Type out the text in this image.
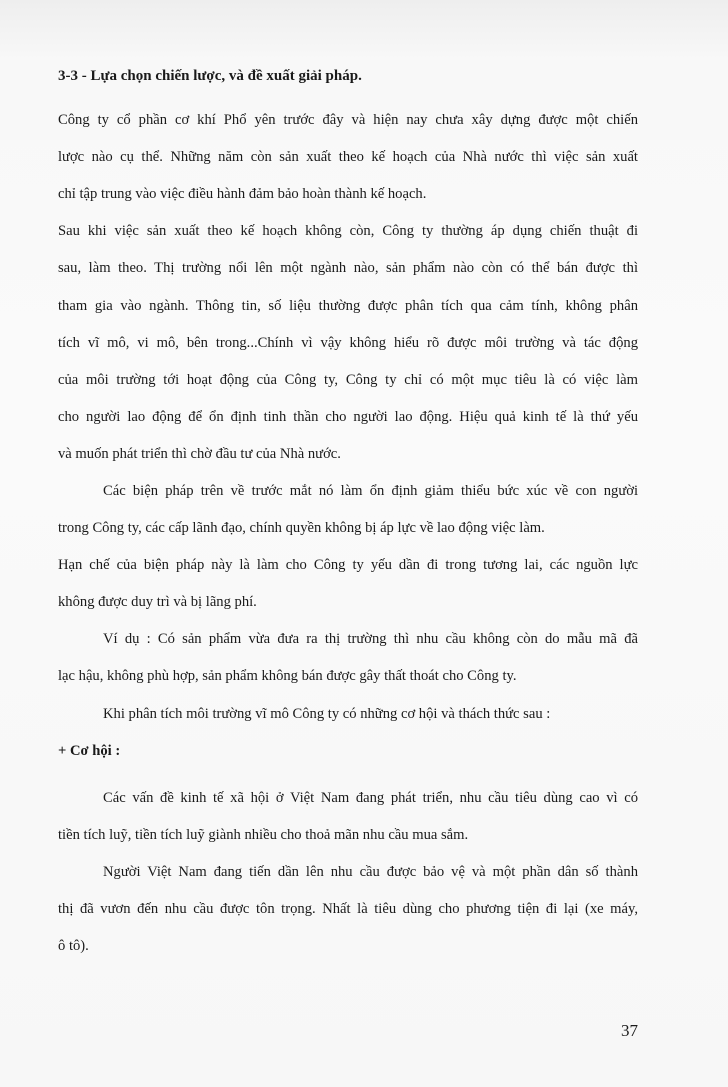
3-3 - Lựa chọn chiến lược, và đề xuất giải pháp.
Công ty cổ phần cơ khí Phổ yên trước đây và hiện nay chưa xây dựng được một chiến
lược nào cụ thể. Những năm còn sản xuất theo kế hoạch của Nhà nước thì việc sản xuất
chỉ tập trung vào việc điều hành đảm bảo hoàn thành kế hoạch.
Sau khi việc sản xuất theo kế hoạch không còn, Công ty thường áp dụng chiến thuật đi
sau, làm theo. Thị trường nổi lên một ngành nào, sản phẩm nào còn có thể bán được thì
tham gia vào ngành. Thông tin, số liệu thường được phân tích qua cảm tính, không phân
tích vĩ mô, vi mô, bên trong...Chính vì vậy không hiểu rõ được môi trường và tác động
của môi trường tới hoạt động của Công ty, Công ty chỉ có một mục tiêu là có việc làm
cho người lao động để ổn định tinh thần cho người lao động. Hiệu quả kinh tế là thứ yếu
và muốn phát triển thì chờ đầu tư của Nhà nước.
Các biện pháp trên về trước mắt nó làm ổn định giảm thiểu bức xúc về con người
trong Công ty, các cấp lãnh đạo, chính quyền không bị áp lực về lao động việc làm.
Hạn chế của biện pháp này là làm cho Công ty yếu dần đi trong tương lai, các nguồn lực
không được duy trì và bị lãng phí.
Ví dụ : Có sản phẩm vừa đưa ra thị trường thì nhu cầu không còn do mẫu mã đã
lạc hậu, không phù hợp, sản phẩm không bán được gây thất thoát cho Công ty.
Khi phân tích môi trường vĩ mô Công ty có những cơ hội và thách thức sau :
+ Cơ hội :
Các vấn đề kinh tế xã hội ở Việt Nam đang phát triển, nhu cầu tiêu dùng cao vì có
tiền tích luỹ, tiền tích luỹ giành nhiều cho thoả mãn nhu cầu mua sắm.
Người Việt Nam đang tiến dần lên nhu cầu được bảo vệ và một phần dân số thành
thị đã vươn đến nhu cầu được tôn trọng. Nhất là tiêu dùng cho phương tiện đi lại (xe máy,
ô tô).
37
